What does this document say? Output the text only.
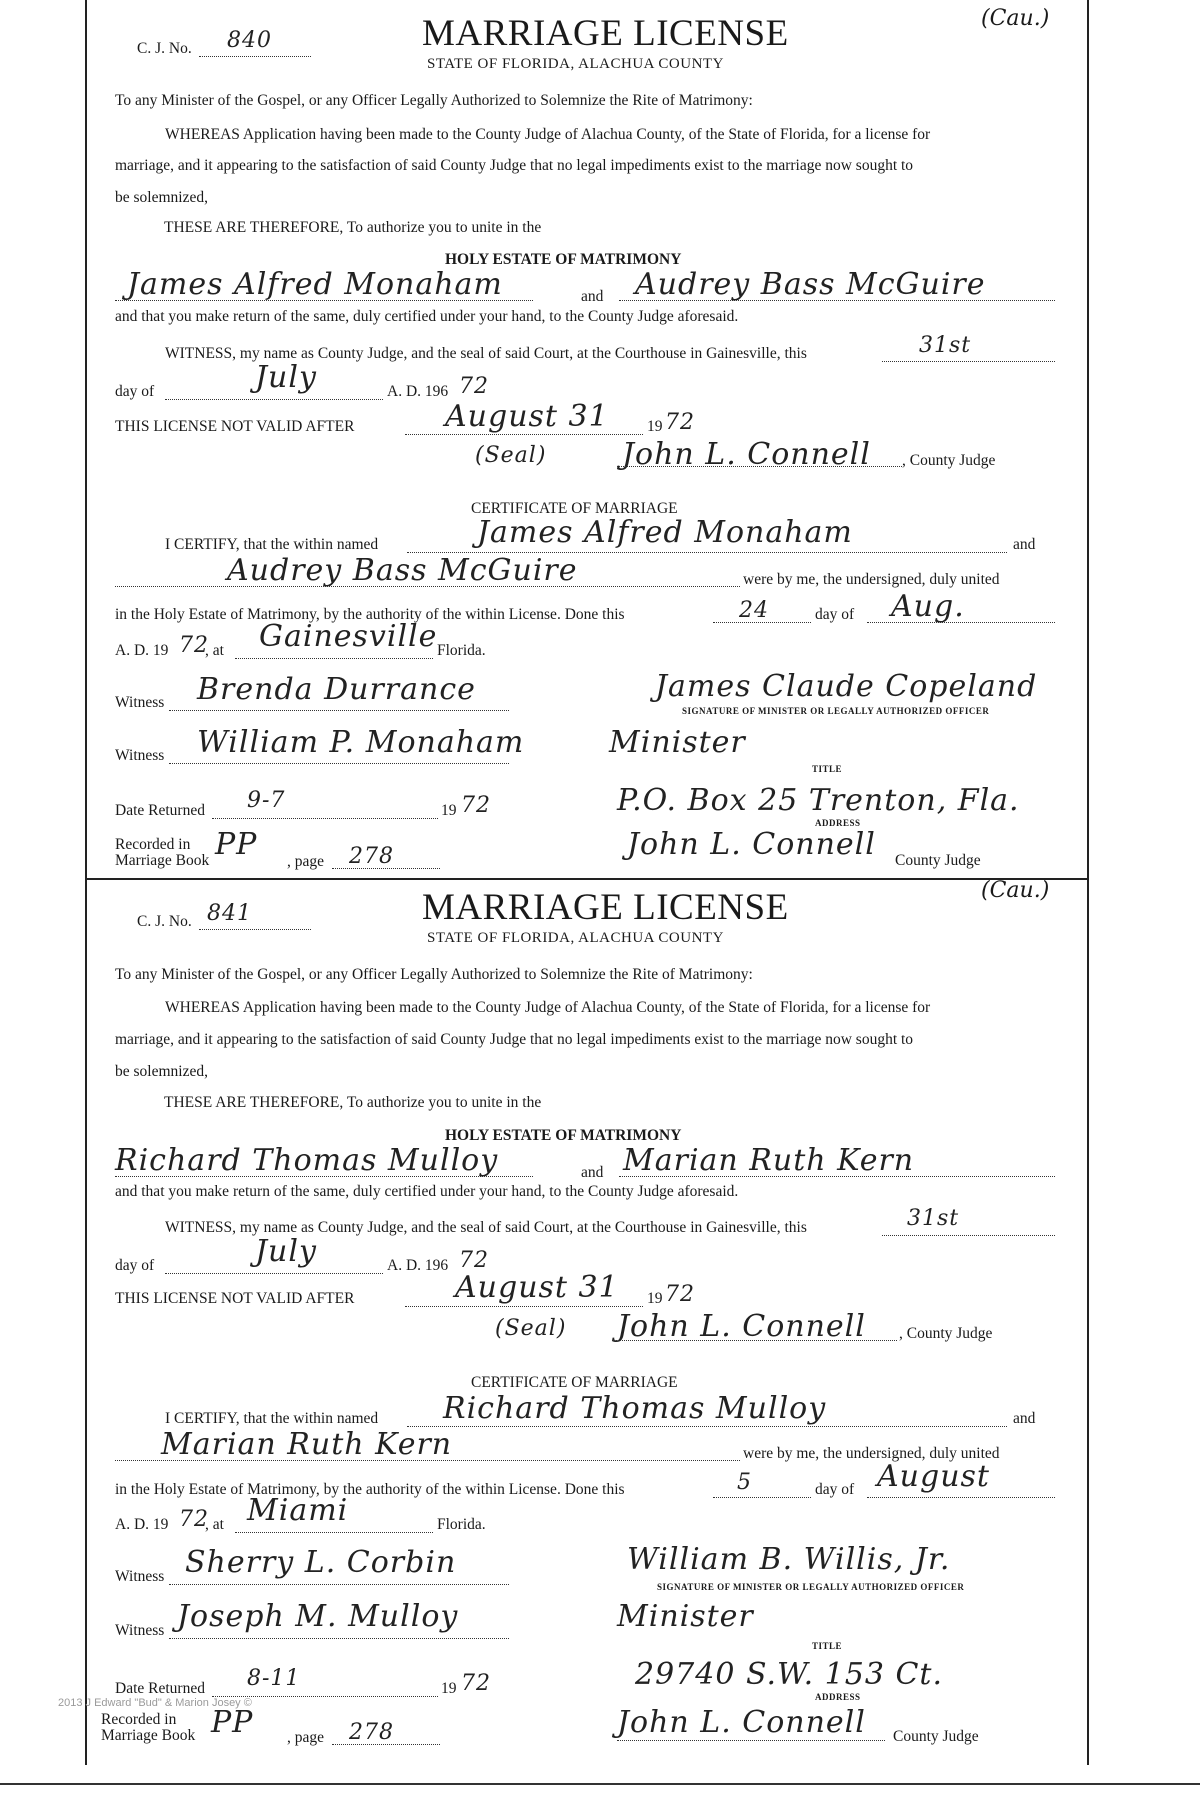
(Cau.)
C. J. No. 840	MARRIAGE LICENSE
STATE OF FLORIDA, ALACHUA COUNTY
To any Minister of the Gospel, or any Officer Legally Authorized to Solemnize the Rite of Matrimony:
WHEREAS Application having been made to the County Judge of Alachua County, of the State of Florida, for a license for
marriage, and it appearing to the satisfaction of said County Judge that no legal impediments exist to the marriage now sought to
be solemnized,
THESE ARE THEREFORE, To authorize you to unite in the
HOLY ESTATE OF MATRIMONY
James Alfred Monaham	and Audrey Bass McGuire
and that you make return of the same, duly certified under your hand, to the County Judge aforesaid.
WITNESS, my name as County Judge, and the seal of said Court, at the Courthouse in Gainesville, this	31st
day of	July	A. D. 196 72
THIS LICENSE NOT VALID AFTER	August 31 19 72
(Seal)	John L. Connell , County Judge
CERTIFICATE OF MARRIAGE
I CERTIFY, that the within named	James Alfred Monaham	and
Audrey Bass McGuire	were by me, the undersigned, duly united
in the Holy Estate of Matrimony, by the authority of the within License. Done this	24	day of Aug.
A. D. 19 72
, at Gainesville Florida.
Witness Brenda Durrance	James Claude Copeland
SIGNATURE OF MINISTER OR LEGALLY AUTHORIZED OFFICER
Witness William P. Monaham	Minister
TITLE
Date Returned 9-7	19 72	P.O. Box 25 Trenton, Fla.
ADDRESS
Recorded in
Marriage Book PP , page 278	John L. Connell County Judge
(Cau.)
C. J. No. 841	MARRIAGE LICENSE
STATE OF FLORIDA, ALACHUA COUNTY
To any Minister of the Gospel, or any Officer Legally Authorized to Solemnize the Rite of Matrimony:
WHEREAS Application having been made to the County Judge of Alachua County, of the State of Florida, for a license for
marriage, and it appearing to the satisfaction of said County Judge that no legal impediments exist to the marriage now sought to
be solemnized,
THESE ARE THEREFORE, To authorize you to unite in the
HOLY ESTATE OF MATRIMONY
Richard Thomas Mulloy	and Marian Ruth Kern
and that you make return of the same, duly certified under your hand, to the County Judge aforesaid.
WITNESS, my name as County Judge, and the seal of said Court, at the Courthouse in Gainesville, this	31st
day of	July	A. D. 196 72
THIS LICENSE NOT VALID AFTER	August 31 19 72
(Seal) John L. Connell , County Judge
CERTIFICATE OF MARRIAGE
I CERTIFY, that the within named Richard Thomas Mulloy	and
Marian Ruth Kern	were by me, the undersigned, duly united
in the Holy Estate of Matrimony, by the authority of the within License. Done this	5	day of August
A. D. 19 72
, at Miami	Florida.
Witness Sherry L. Corbin	William B. Willis, Jr.
SIGNATURE OF MINISTER OR LEGALLY AUTHORIZED OFFICER
Witness Joseph M. Mulloy	Minister
TITLE
Date Returned 8-11	19 72	29740 S.W. 153 Ct.
ADDRESS
Recorded in
Marriage Book PP , page 278	John L. Connell County Judge
2013 J Edward "Bud" & Marion Josey ©
